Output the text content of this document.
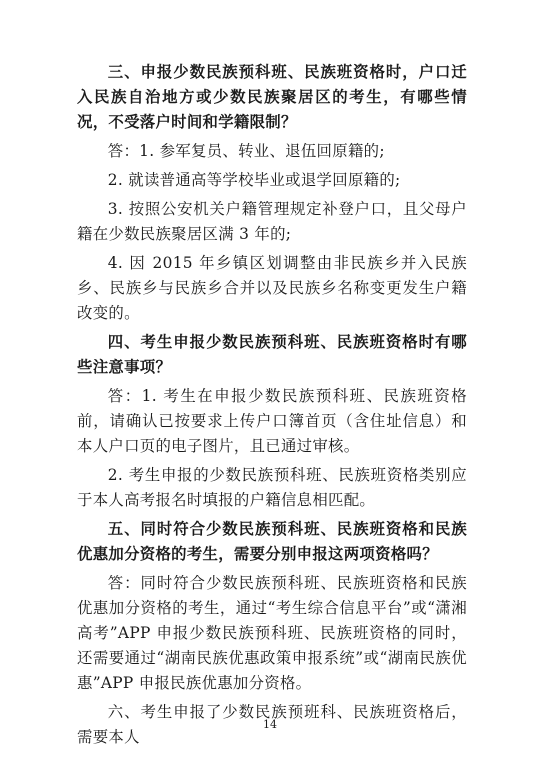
三、申报少数民族预科班、民族班资格时，户口迁入民族自治地方或少数民族聚居区的考生，有哪些情况，不受落户时间和学籍限制？

答：1. 参军复员、转业、退伍回原籍的;

2. 就读普通高等学校毕业或退学回原籍的;

3. 按照公安机关户籍管理规定补登户口，且父母户籍在少数民族聚居区满 3 年的;

4. 因 2015 年乡镇区划调整由非民族乡并入民族乡、民族乡与民族乡合并以及民族乡名称变更发生户籍改变的。

四、考生申报少数民族预科班、民族班资格时有哪些注意事项？

答：1. 考生在申报少数民族预科班、民族班资格前，请确认已按要求上传户口簿首页（含住址信息）和本人户口页的电子图片，且已通过审核。

2. 考生申报的少数民族预科班、民族班资格类别应于本人高考报名时填报的户籍信息相匹配。

五、同时符合少数民族预科班、民族班资格和民族优惠加分资格的考生，需要分别申报这两项资格吗？

答：同时符合少数民族预科班、民族班资格和民族优惠加分资格的考生，通过“考生综合信息平台”或“潇湘高考”APP 申报少数民族预科班、民族班资格的同时，还需要通过“湖南民族优惠政策申报系统”或“湖南民族优惠”APP 申报民族优惠加分资格。

六、考生申报了少数民族预班科、民族班资格后，需要本人

14
